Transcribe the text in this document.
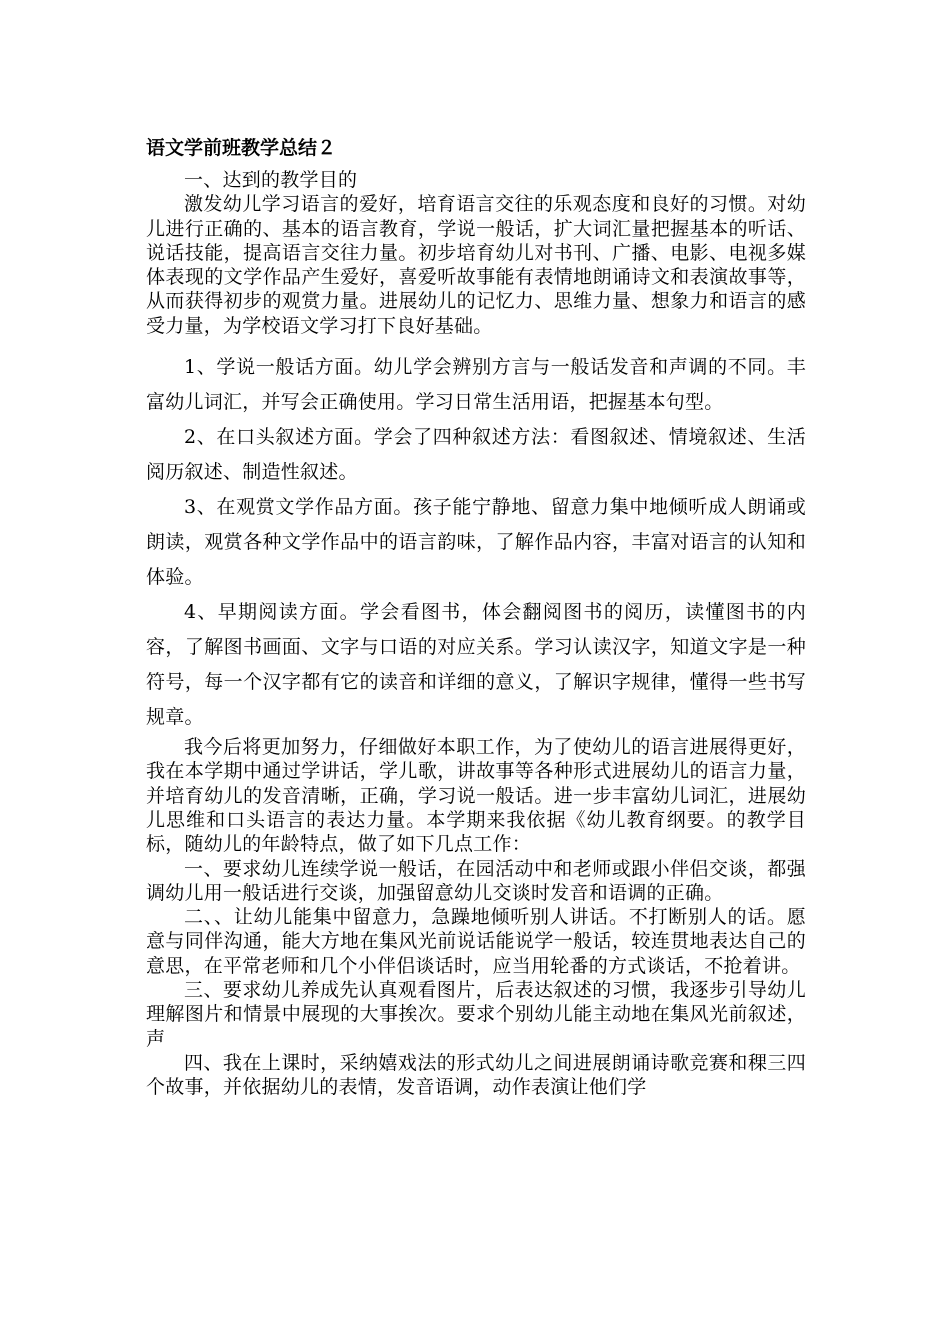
语文学前班教学总结２

一、达到的教学目的

激发幼儿学习语言的爱好，培育语言交往的乐观态度和良好的习惯。对幼儿进行正确的、基本的语言教育，学说一般话，扩大词汇量把握基本的听话、说话技能，提高语言交往力量。初步培育幼儿对书刊、广播、电影、电视多媒体表现的文学作品产生爱好，喜爱听故事能有表情地朗诵诗文和表演故事等，从而获得初步的观赏力量。进展幼儿的记忆力、思维力量、想象力和语言的感受力量，为学校语文学习打下良好基础。

1、学说一般话方面。幼儿学会辨别方言与一般话发音和声调的不同。丰富幼儿词汇，并写会正确使用。学习日常生活用语，把握基本句型。

2、在口头叙述方面。学会了四种叙述方法：看图叙述、情境叙述、生活阅历叙述、制造性叙述。

3、在观赏文学作品方面。孩子能宁静地、留意力集中地倾听成人朗诵或朗读，观赏各种文学作品中的语言韵味，了解作品内容，丰富对语言的认知和体验。

4、早期阅读方面。学会看图书，体会翻阅图书的阅历，读懂图书的内容，了解图书画面、文字与口语的对应关系。学习认读汉字，知道文字是一种符号，每一个汉字都有它的读音和详细的意义，了解识字规律，懂得一些书写规章。

我今后将更加努力，仔细做好本职工作，为了使幼儿的语言进展得更好，我在本学期中通过学讲话，学儿歌，讲故事等各种形式进展幼儿的语言力量，并培育幼儿的发音清晰，正确，学习说一般话。进一步丰富幼儿词汇，进展幼儿思维和口头语言的表达力量。本学期来我依据《幼儿教育纲要。的教学目标，随幼儿的年龄特点，做了如下几点工作：

一、要求幼儿连续学说一般话，在园活动中和老师或跟小伴侣交谈，都强调幼儿用一般话进行交谈，加强留意幼儿交谈时发音和语调的正确。

二、、让幼儿能集中留意力，急躁地倾听别人讲话。不打断别人的话。愿意与同伴沟通，能大方地在集风光前说话能说学一般话，较连贯地表达自己的意思，在平常老师和几个小伴侣谈话时，应当用轮番的方式谈话，不抢着讲。

三、要求幼儿养成先认真观看图片，后表达叙述的习惯，我逐步引导幼儿理解图片和情景中展现的大事挨次。要求个别幼儿能主动地在集风光前叙述，声

四、我在上课时，采纳嬉戏法的形式幼儿之间进展朗诵诗歌竞赛和稞三四个故事，并依据幼儿的表情，发音语调，动作表演让他们学
